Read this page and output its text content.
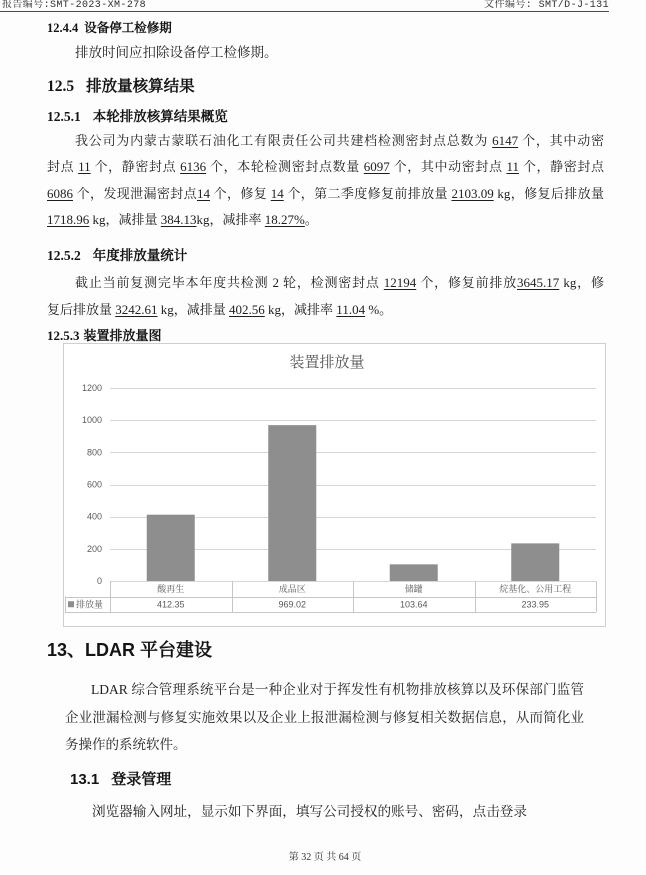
报告编号:SMT-2023-XM-278	文件编号: SMT/D-J-131
12.4.4 设备停工检修期
排放时间应扣除设备停工检修期。
12.5 排放量核算结果
12.5.1 本轮排放核算结果概览
我公司为内蒙古蒙联石油化工有限责任公司共建档检测密封点总数为 6147 个，其中动密
封点 11 个，静密封点 6136 个，本轮检测密封点数量 6097 个，其中动密封点 11 个，静密封点
6086 个，发现泄漏密封点14 个，修复 14 个，第二季度修复前排放量 2103.09 kg，修复后排放量
1718.96 kg，减排量 384.13kg，减排率 18.27%。
12.5.2 年度排放量统计
截止当前复测完毕本年度共检测 2 轮，检测密封点 12194 个，修复前排放3645.17 kg，修
复后排放量 3242.61 kg，减排量 402.56 kg，减排率 11.04 %。
12.5.3 装置排放量图
装置排放量
0
200
400
600
800
1000
1200
酸再生
412.35
成品区
969.02
储罐
103.64
烷基化、公用工程
233.95
排放量
13、LDAR 平台建设
LDAR 综合管理系统平台是一种企业对于挥发性有机物排放核算以及环保部门监管
企业泄漏检测与修复实施效果以及企业上报泄漏检测与修复相关数据信息，从而简化业
务操作的系统软件。
13.1 登录管理
浏览器输入网址，显示如下界面，填写公司授权的账号、密码，点击登录
第 32 页 共 64 页
